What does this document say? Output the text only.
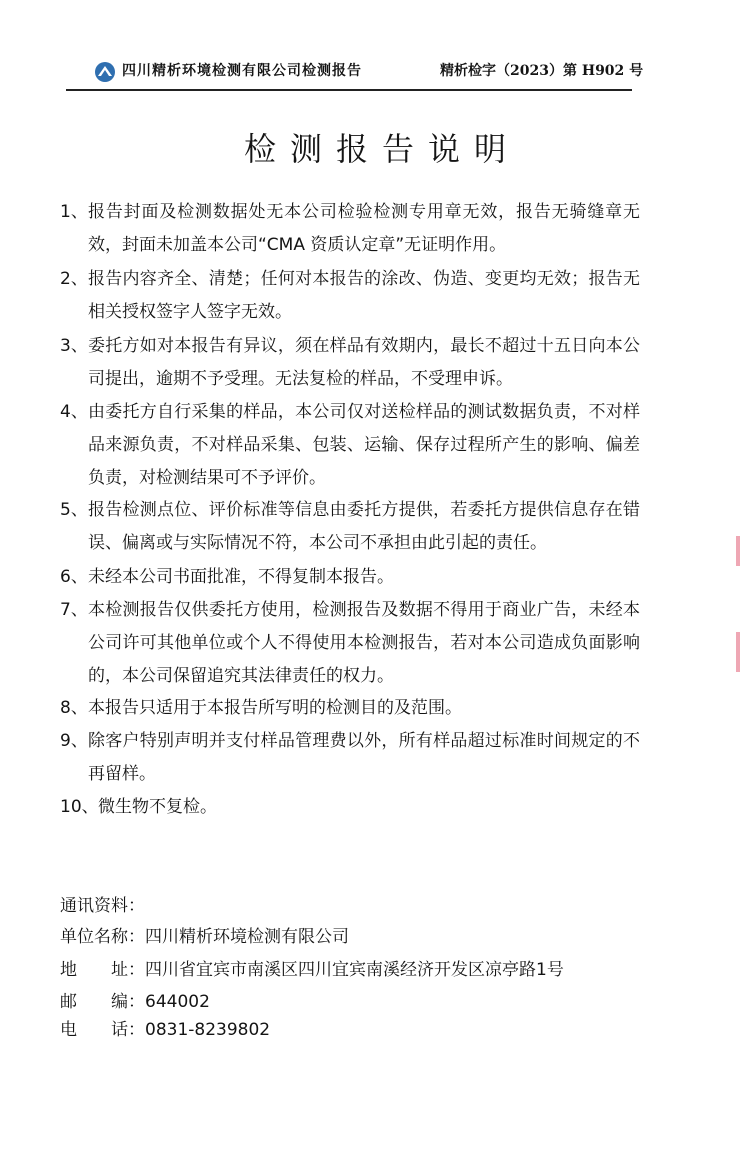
四川精析环境检测有限公司检测报告	精析检字（2023）第 H902 号
检测报告说明
1、 报告封面及检测数据处无本公司检验检测专用章无效，报告无骑缝章无效，封面未加盖本公司“CMA 资质认定章”无证明作用。
2、 报告内容齐全、清楚；任何对本报告的涂改、伪造、变更均无效；报告无相关授权签字人签字无效。
3、 委托方如对本报告有异议，须在样品有效期内，最长不超过十五日向本公司提出，逾期不予受理。无法复检的样品，不受理申诉。
4、 由委托方自行采集的样品，本公司仅对送检样品的测试数据负责，不对样品来源负责，不对样品采集、包装、运输、保存过程所产生的影响、偏差负责，对检测结果可不予评价。
5、 报告检测点位、评价标准等信息由委托方提供，若委托方提供信息存在错误、偏离或与实际情况不符，本公司不承担由此引起的责任。
6、 未经本公司书面批准，不得复制本报告。
7、 本检测报告仅供委托方使用，检测报告及数据不得用于商业广告，未经本公司许可其他单位或个人不得使用本检测报告，若对本公司造成负面影响的，本公司保留追究其法律责任的权力。
8、 本报告只适用于本报告所写明的检测目的及范围。
9、 除客户特别声明并支付样品管理费以外，所有样品超过标准时间规定的不再留样。
10、 微生物不复检。
通讯资料：
单位名称：四川精析环境检测有限公司
地　　址：四川省宜宾市南溪区四川宜宾南溪经济开发区凉亭路1号
邮　　编：644002
电　　话：0831-8239802
